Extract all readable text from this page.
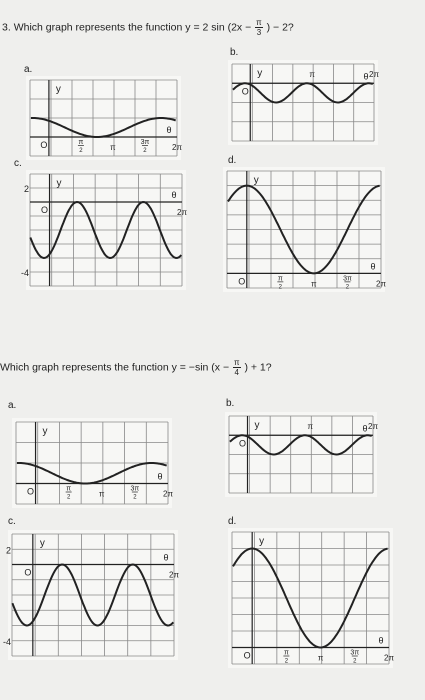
3. Which graph represents the function y = 2 $\sin (2x - \frac{\pi}{3}$ ) − 2?
a.
b.
c.	d.
y
θ
O	π
2	π
3π
2	2π
y	θ
O
π	2π
y
θ
O	2π
2
-4
y
θ
O	π
2	π
3π
2	2π
Which graph represents the function y = −sin ($x - \frac{\pi}{4}$ ) + 1?
a.	b.
c.	d.
y
θ
O	π
2	π
3π
2	2π
y	θ
O
π	2π
y
θ
O	2π
2
-4
y
θ
O	π
2	π
3π
2	2π
